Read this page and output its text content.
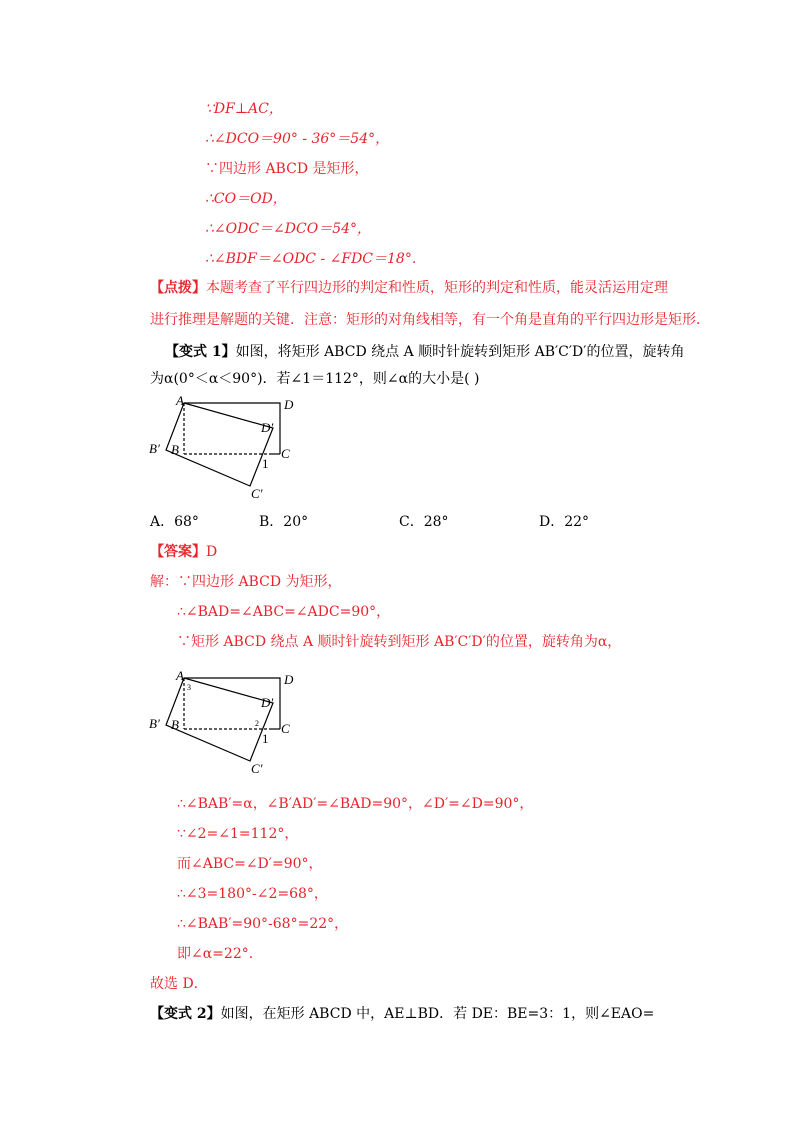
∵DF⊥AC，
∴∠DCO＝90° - 36°＝54°，
∵四边形 ABCD 是矩形，
∴CO＝OD，
∴∠ODC＝∠DCO＝54°，
∴∠BDF＝∠ODC - ∠FDC＝18°.
【点拨】本题考查了平行四边形的判定和性质，矩形的判定和性质，能灵活运用定理
进行推理是解题的关键．注意：矩形的对角线相等，有一个角是直角的平行四边形是矩形．
【变式 1】如图，将矩形 ABCD 绕点 A 顺时针旋转到矩形 AB′C′D′的位置，旋转角
为α(0°＜α＜90°)．若∠1＝112°，则∠α的大小是( )
A	D
C
B
B′
C′
D′
1
A．68°	B．20°	C．28°	D．22°
【答案】D
解：∵四边形 ABCD 为矩形，
∴∠BAD=∠ABC=∠ADC=90°，
∵矩形 ABCD 绕点 A 顺时针旋转到矩形 AB′C′D′的位置，旋转角为α，
A	D
C
B
B′
C′
D′
1
2
3
∴∠BAB′=α，∠B′AD′=∠BAD=90°，∠D′=∠D=90°，
∵∠2=∠1=112°，
而∠ABC=∠D′=90°，
∴∠3=180°-∠2=68°，
∴∠BAB′=90°-68°=22°，
即∠α=22°．
故选 D．
【变式 2】如图，在矩形 ABCD 中，AE⊥BD．若 DE：BE=3：1，则∠EAO=
